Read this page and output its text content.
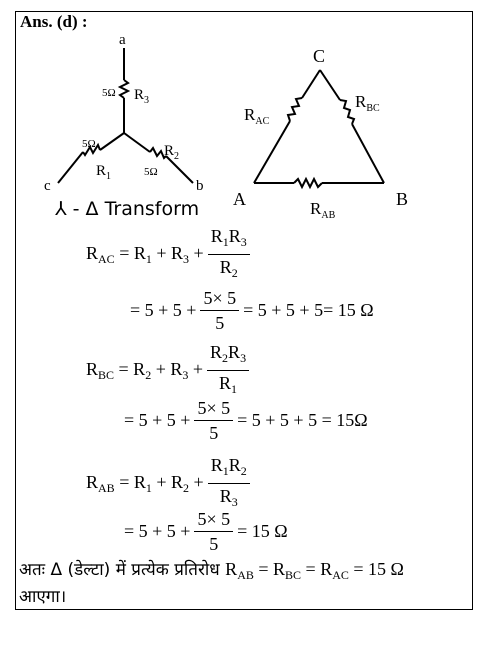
Ans. (d) :
a
b
c
5Ω $R_3$
5Ω
$R_1$	5Ω
$R_2$
⅄ - Δ Transform
C
A	B
$R_{AC}$
$R_{BC}$
$R_{AB}$
$R_{AC} = R_1 + R_3 + \frac{R_1R_3}{R_2}$
= $5 + 5 + \frac{5\times 5}{5} = 5 + 5 + 5= 15$ Ω
$R_{BC} = R_2 + R_3 + \frac{R_2R_3}{R_1}$
= $5 + 5 + \frac{5\times 5}{5} = 5 + 5 + 5 = 15\Omega$
$R_{AB} = R_1 + R_2 + \frac{R_1R_2}{R_3}$
= $5 + 5 + \frac{5\times 5}{5} = 15$ Ω
अतः Δ (डेल्टा) में प्रत्येक प्रतिरोध $R_{AB} = R_{BC} = R_{AC} = 15$ Ω
आएगा।
